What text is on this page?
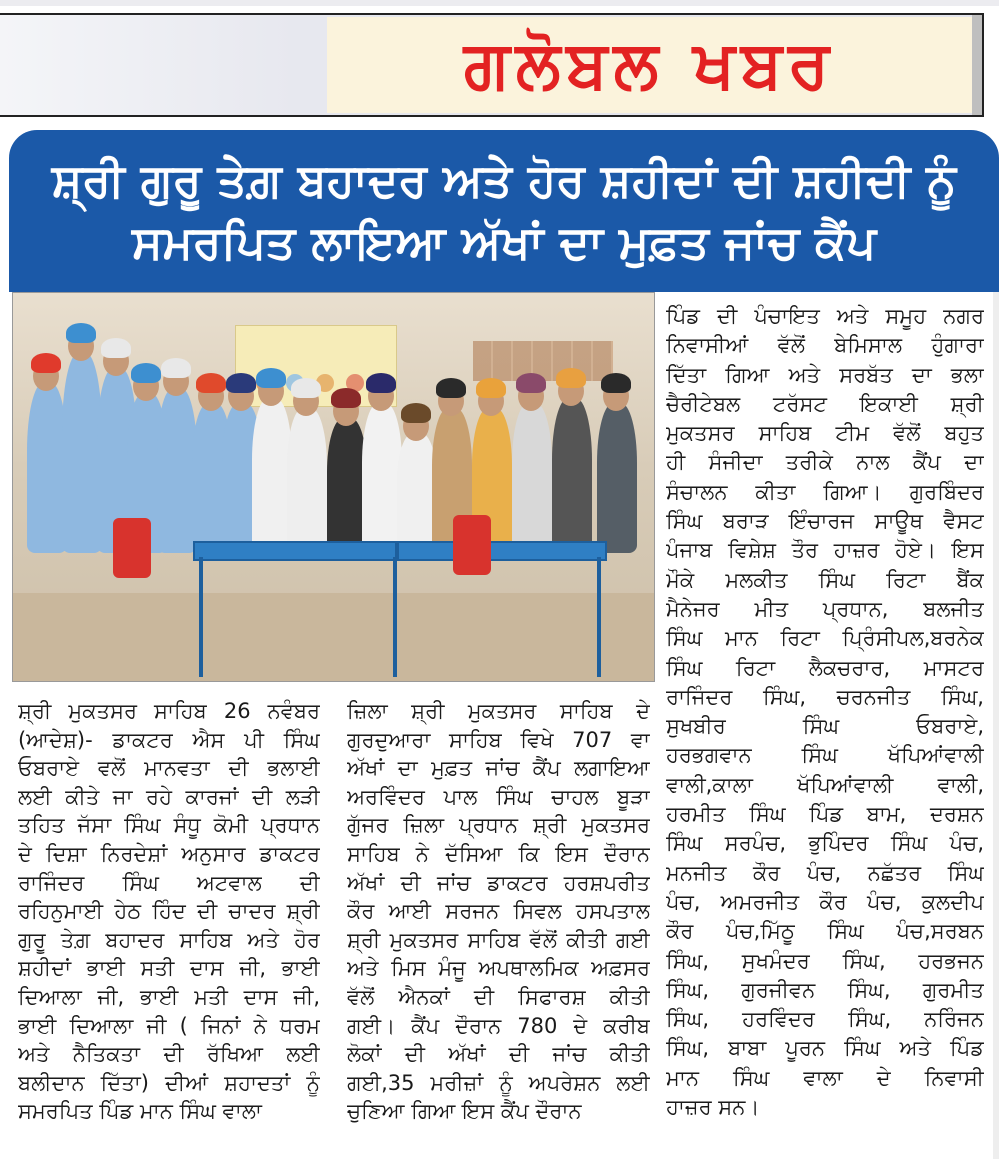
ਗਲੋਬਲ ਖਬਰ
ਸ਼੍ਰੀ ਗੁਰੂ ਤੇਗ਼ ਬਹਾਦਰ ਅਤੇ ਹੋਰ ਸ਼ਹੀਦਾਂ ਦੀ ਸ਼ਹੀਦੀ ਨੂੰ
ਸਮਰਪਿਤ ਲਾਇਆ ਅੱਖਾਂ ਦਾ ਮੁਫ਼ਤ ਜਾਂਚ ਕੈਂਪ
ਸ਼੍ਰੀ ਮੁਕਤਸਰ ਸਾਹਿਬ 26 ਨਵੰਬਰ
(ਆਦੇਸ਼)- ਡਾਕਟਰ ਐਸ ਪੀ ਸਿੰਘ
ਓਬਰਾਏ ਵਲੋਂ ਮਾਨਵਤਾ ਦੀ ਭਲਾਈ
ਲਈ ਕੀਤੇ ਜਾ ਰਹੇ ਕਾਰਜਾਂ ਦੀ ਲੜੀ
ਤਹਿਤ ਜੱਸਾ ਸਿੰਘ ਸੰਧੂ ਕੋਮੀ ਪ੍ਰਧਾਨ
ਦੇ ਦਿਸ਼ਾ ਨਿਰਦੇਸ਼ਾਂ ਅਨੁਸਾਰ ਡਾਕਟਰ
ਰਾਜਿੰਦਰ ਸਿੰਘ ਅਟਵਾਲ ਦੀ
ਰਹਿਨੁਮਾਈ ਹੇਠ ਹਿੰਦ ਦੀ ਚਾਦਰ ਸ਼੍ਰੀ
ਗੁਰੂ ਤੇਗ਼ ਬਹਾਦਰ ਸਾਹਿਬ ਅਤੇ ਹੋਰ
ਸ਼ਹੀਦਾਂ ਭਾਈ ਸਤੀ ਦਾਸ ਜੀ, ਭਾਈ
ਦਿਆਲਾ ਜੀ, ਭਾਈ ਮਤੀ ਦਾਸ ਜੀ,
ਭਾਈ ਦਿਆਲਾ ਜੀ ( ਜਿਨਾਂ ਨੇ ਧਰਮ
ਅਤੇ ਨੈਤਿਕਤਾ ਦੀ ਰੱਖਿਆ ਲਈ
ਬਲੀਦਾਨ ਦਿੱਤਾ) ਦੀਆਂ ਸ਼ਹਾਦਤਾਂ ਨੂੰ
ਸਮਰਪਿਤ ਪਿੰਡ ਮਾਨ ਸਿੰਘ ਵਾਲਾ
ਜ਼ਿਲਾ ਸ਼੍ਰੀ ਮੁਕਤਸਰ ਸਾਹਿਬ ਦੇ
ਗੁਰਦੁਆਰਾ ਸਾਹਿਬ ਵਿਖੇ 707 ਵਾ
ਅੱਖਾਂ ਦਾ ਮੁਫ਼ਤ ਜਾਂਚ ਕੈਂਪ ਲਗਾਇਆ
ਅਰਵਿੰਦਰ ਪਾਲ ਸਿੰਘ ਚਾਹਲ ਬੂੜਾ
ਗੁੱਜਰ ਜ਼ਿਲਾ ਪ੍ਰਧਾਨ ਸ਼੍ਰੀ ਮੁਕਤਸਰ
ਸਾਹਿਬ ਨੇ ਦੱਸਿਆ ਕਿ ਇਸ ਦੌਰਾਨ
ਅੱਖਾਂ ਦੀ ਜਾਂਚ ਡਾਕਟਰ ਹਰਸ਼ਪਰੀਤ
ਕੌਰ ਆਈ ਸਰਜਨ ਸਿਵਲ ਹਸਪਤਾਲ
ਸ਼੍ਰੀ ਮੁਕਤਸਰ ਸਾਹਿਬ ਵੱਲੋਂ ਕੀਤੀ ਗਈ
ਅਤੇ ਮਿਸ ਮੰਜੂ ਅਪਥਾਲਮਿਕ ਅਫ਼ਸਰ
ਵੱਲੋਂ ਐਨਕਾਂ ਦੀ ਸਿਫਾਰਸ਼ ਕੀਤੀ
ਗਈ। ਕੈਂਪ ਦੌਰਾਨ 780 ਦੇ ਕਰੀਬ
ਲੋਕਾਂ ਦੀ ਅੱਖਾਂ ਦੀ ਜਾਂਚ ਕੀਤੀ
ਗਈ,35 ਮਰੀਜ਼ਾਂ ਨੂੰ ਅਪਰੇਸ਼ਨ ਲਈ
ਚੁਣਿਆ ਗਿਆ ਇਸ ਕੈਂਪ ਦੌਰਾਨ
ਪਿੰਡ ਦੀ ਪੰਚਾਇਤ ਅਤੇ ਸਮੂਹ ਨਗਰ
ਨਿਵਾਸੀਆਂ ਵੱਲੋਂ ਬੇਮਿਸਾਲ ਹੁੰਗਾਰਾ
ਦਿੱਤਾ ਗਿਆ ਅਤੇ ਸਰਬੱਤ ਦਾ ਭਲਾ
ਚੈਰੀਟੇਬਲ ਟਰੱਸਟ ਇਕਾਈ ਸ਼੍ਰੀ
ਮੁਕਤਸਰ ਸਾਹਿਬ ਟੀਮ ਵੱਲੋਂ ਬਹੁਤ
ਹੀ ਸੰਜੀਦਾ ਤਰੀਕੇ ਨਾਲ ਕੈਂਪ ਦਾ
ਸੰਚਾਲਨ ਕੀਤਾ ਗਿਆ। ਗੁਰਬਿੰਦਰ
ਸਿੰਘ ਬਰਾੜ ਇੰਚਾਰਜ ਸਾਊਥ ਵੈਸਟ
ਪੰਜਾਬ ਵਿਸ਼ੇਸ਼ ਤੌਰ ਹਾਜ਼ਰ ਹੋਏ। ਇਸ
ਮੌਕੇ ਮਲਕੀਤ ਸਿੰਘ ਰਿਟਾ ਬੈਂਕ
ਮੈਨੇਜਰ ਮੀਤ ਪ੍ਰਧਾਨ, ਬਲਜੀਤ
ਸਿੰਘ ਮਾਨ ਰਿਟਾ ਪ੍ਰਿੰਸੀਪਲ,ਬਰਨੇਕ
ਸਿੰਘ ਰਿਟਾ ਲੈਕਚਰਾਰ, ਮਾਸਟਰ
ਰਾਜਿੰਦਰ ਸਿੰਘ, ਚਰਨਜੀਤ ਸਿੰਘ,
ਸੁਖਬੀਰ ਸਿੰਘ ਓਬਰਾਏ,
ਹਰਭਗਵਾਨ ਸਿੰਘ ਖੱਪਿਆਂਵਾਲੀ
ਵਾਲੀ,ਕਾਲਾ ਖੱਪਿਆਂਵਾਲੀ ਵਾਲੀ,
ਹਰਮੀਤ ਸਿੰਘ ਪਿੰਡ ਬਾਮ, ਦਰਸ਼ਨ
ਸਿੰਘ ਸਰਪੰਚ, ਭੁਪਿੰਦਰ ਸਿੰਘ ਪੰਚ,
ਮਨਜੀਤ ਕੌਰ ਪੰਚ, ਨਛੱਤਰ ਸਿੰਘ
ਪੰਚ, ਅਮਰਜੀਤ ਕੌਰ ਪੰਚ, ਕੁਲਦੀਪ
ਕੌਰ ਪੰਚ,ਮਿੱਠੂ ਸਿੰਘ ਪੰਚ,ਸਰਬਨ
ਸਿੰਘ, ਸੁਖਮੰਦਰ ਸਿੰਘ, ਹਰਭਜਨ
ਸਿੰਘ, ਗੁਰਜੀਵਨ ਸਿੰਘ, ਗੁਰਮੀਤ
ਸਿੰਘ, ਹਰਵਿੰਦਰ ਸਿੰਘ, ਨਰਿੰਜਨ
ਸਿੰਘ, ਬਾਬਾ ਪੂਰਨ ਸਿੰਘ ਅਤੇ ਪਿੰਡ
ਮਾਨ ਸਿੰਘ ਵਾਲਾ ਦੇ ਨਿਵਾਸੀ
ਹਾਜ਼ਰ ਸਨ।
